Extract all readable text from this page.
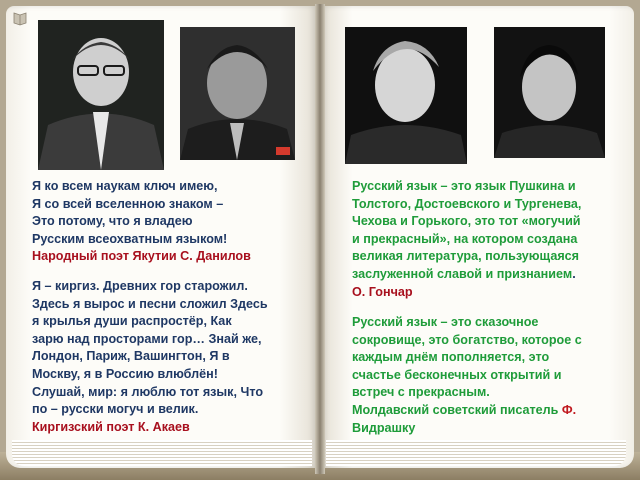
Я ко всем наукам ключ имею,
Я со всей вселенною знаком –
Это потому, что я владею
Русским всеохватным языком!
Народный поэт Якутии С. Данилов
Я – киргиз. Древних гор старожил.
Здесь я вырос и песни сложил Здесь
я крылья души распростёр, Как
зарю над просторами гор… Знай же,
Лондон, Париж, Вашингтон, Я в
Москву, я в Россию влюблён!
Слушай, мир: я люблю тот язык, Что
по – русски могуч и велик.
Киргизский поэт К. Акаев
Русский язык – это язык Пушкина и
Толстого, Достоевского и Тургенева,
Чехова и Горького, это тот «могучий
и прекрасный», на котором создана
великая литература, пользующаяся
заслуженной славой и признанием.
О. Гончар
Русский язык – это сказочное
сокровище, это богатство, которое с
каждым днём пополняется, это
счастье бесконечных открытий и
встреч с прекрасным.
Молдавский советский писатель Ф.
Видрашку
